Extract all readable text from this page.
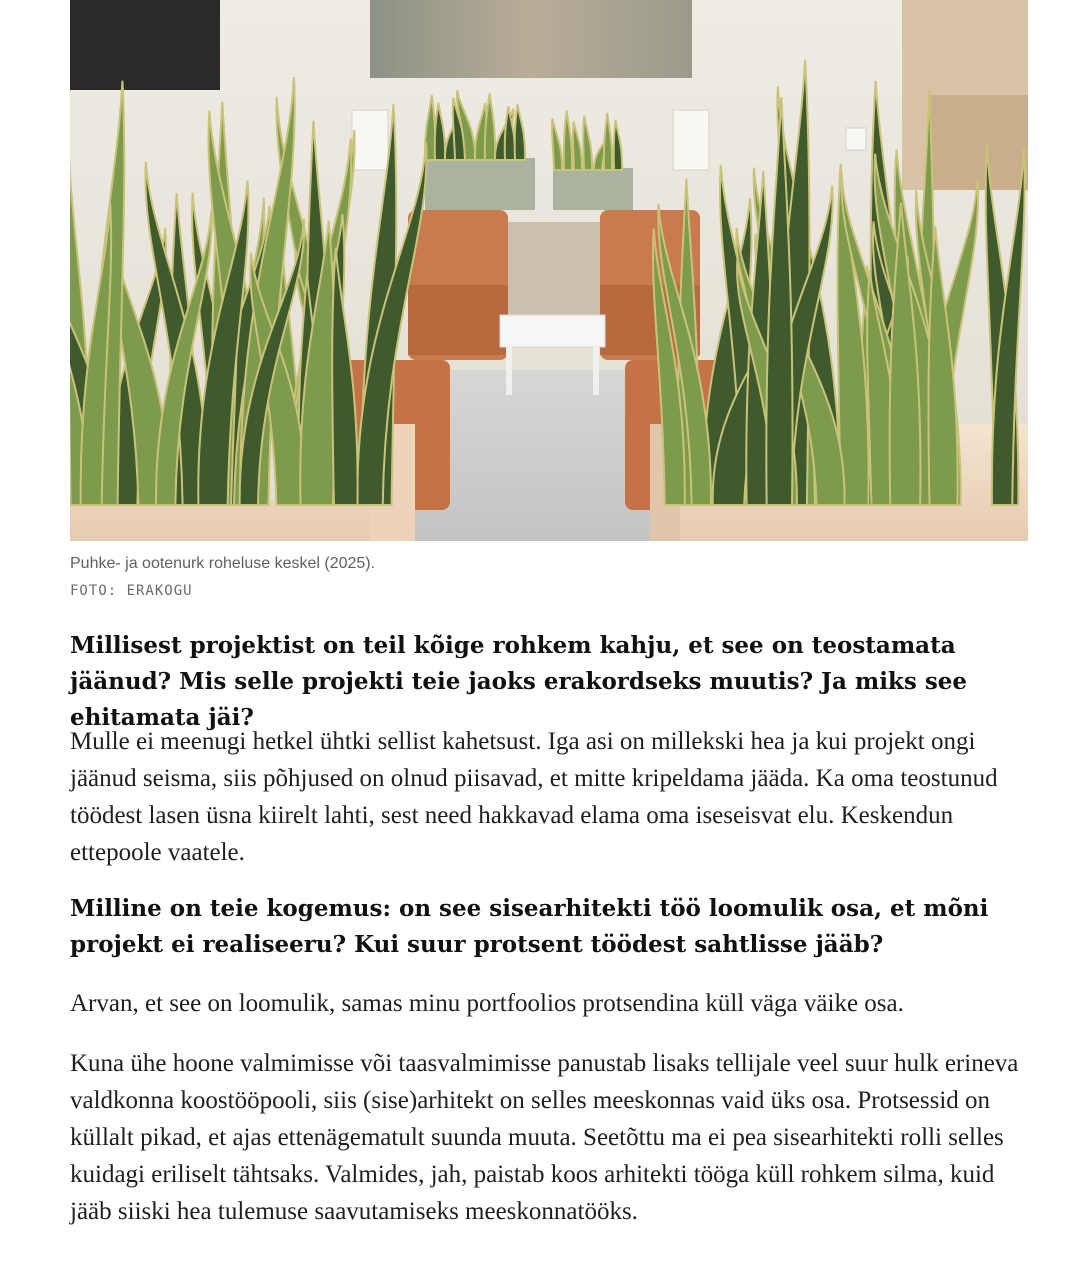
Puhke- ja ootenurk roheluse keskel (2025).
FOTO: ERAKOGU

Millisest projektist on teil kõige rohkem kahju, et see on teostamata jäänud? Mis selle projekti teie jaoks erakordseks muutis? Ja miks see ehitamata jäi?

Mulle ei meenugi hetkel ühtki sellist kahetsust. Iga asi on millekski hea ja kui projekt ongi jäänud seisma, siis põhjused on olnud piisavad, et mitte kripeldama jääda. Ka oma teostunud töödest lasen üsna kiirelt lahti, sest need hakkavad elama oma iseseisvat elu. Keskendun ettepoole vaatele.

Milline on teie kogemus: on see sisearhitekti töö loomulik osa, et mõni projekt ei realiseeru? Kui suur protsent töödest sahtlisse jääb?

Arvan, et see on loomulik, samas minu portfoolios protsendina küll väga väike osa.

Kuna ühe hoone valmimisse või taasvalmimisse panustab lisaks tellijale veel suur hulk erineva valdkonna koostööpooli, siis (sise)arhitekt on selles meeskonnas vaid üks osa. Protsessid on küllalt pikad, et ajas ettenägematult suunda muuta. Seetõttu ma ei pea sisearhitekti rolli selles kuidagi eriliselt tähtsaks. Valmides, jah, paistab koos arhitekti tööga küll rohkem silma, kuid jääb siiski hea tulemuse saavutamiseks meeskonnatööks.
